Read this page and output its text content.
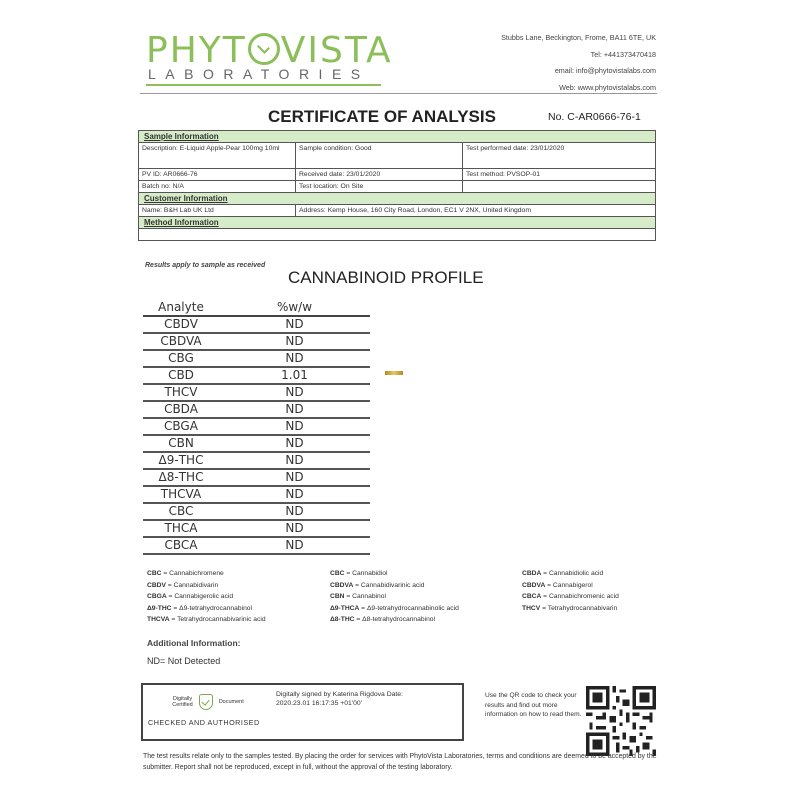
PHYT VISTA
LABORATORIES
Stubbs Lane, Beckington, Frome, BA11 6TE, UK
Tel: +441373470418
email: info@phytovistalabs.com
Web: www.phytovistalabs.com
CERTIFICATE OF ANALYSIS	No. C-AR0666-76-1
Sample Information		
Description: E-Liquid Apple-Pear 100mg 10ml	Sample condition: Good	Test performed date: 23/01/2020
PV ID: AR0666-76	Received date: 23/01/2020	Test method: PVSOP-01
Batch no: N/A	Test location: On Site	
Customer Information		
Name: B&H Lab UK Ltd	Address: Kemp House, 160 City Road, London, EC1 V 2NX, United Kingdom	
Method Information		

Results apply to sample as received
CANNABINOID PROFILE
Analyte	%w/w
CBDV	ND
CBDVA	ND
CBG	ND
CBD	1.01
THCV	ND
CBDA	ND
CBGA	ND
CBN	ND
Δ9-THC	ND
Δ8-THC	ND
THCVA	ND
CBC	ND
THCA	ND
CBCA	ND
CBC = Cannabichromene
CBDV = Cannabidivarin
CBGA = Cannabigerolic acid
Δ9-THC = Δ9-tetrahydrocannabinol
THCVA = Tetrahydrocannabivarinic acid
CBC = Cannabidiol
CBDVA = Cannabidivarinic acid
CBN = Cannabinol
Δ9-THCA = Δ9-tetrahydrocannabinolic acid
Δ8-THC = Δ8-tetrahydrocannabinol
CBDA = Cannabidiolic acid
CBDVA = Cannabigerol
CBCA = Cannabichromenic acid
THCV = Tetrahydrocannabivarin
Additional Information:
ND= Not Detected
Digitally
Certified	Document
CHECKED AND AUTHORISED
Digitally signed by Katerina Rigdova Date: 2020.23.01 16:17:35 +01'00'
Use the QR code to check your results and find out more information on how to read them.
The test results relate only to the samples tested. By placing the order for services with PhytoVista Laboratories, terms and conditions are deemed to be accepted by the submitter. Report shall not be reproduced, except in full, without the approval of the testing laboratory.
